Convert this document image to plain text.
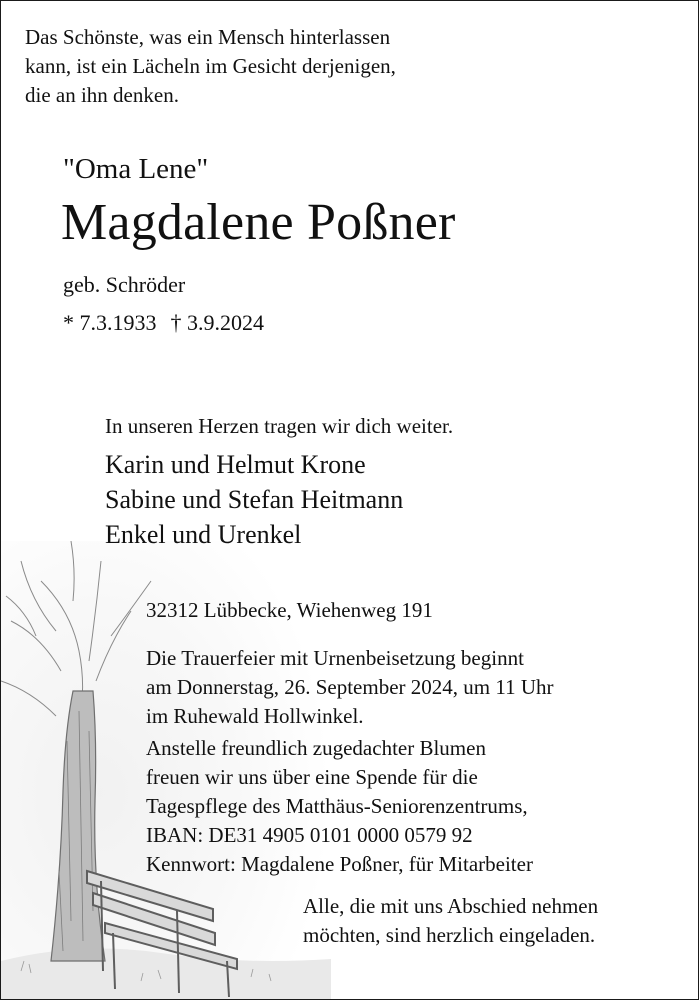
Das Schönste, was ein Mensch hinterlassen
kann, ist ein Lächeln im Gesicht derjenigen,
die an ihn denken.
"Oma Lene"
Magdalene Poßner
geb. Schröder
* 7.3.1933 † 3.9.2024
In unseren Herzen tragen wir dich weiter.
Karin und Helmut Krone
Sabine und Stefan Heitmann
Enkel und Urenkel
32312 Lübbecke, Wiehenweg 191
Die Trauerfeier mit Urnenbeisetzung beginnt
am Donnerstag, 26. September 2024, um 11 Uhr
im Ruhewald Hollwinkel.
Anstelle freundlich zugedachter Blumen
freuen wir uns über eine Spende für die
Tagespflege des Matthäus-Seniorenzentrums,
IBAN: DE31 4905 0101 0000 0579 92
Kennwort: Magdalene Poßner, für Mitarbeiter
Alle, die mit uns Abschied nehmen
möchten, sind herzlich eingeladen.
